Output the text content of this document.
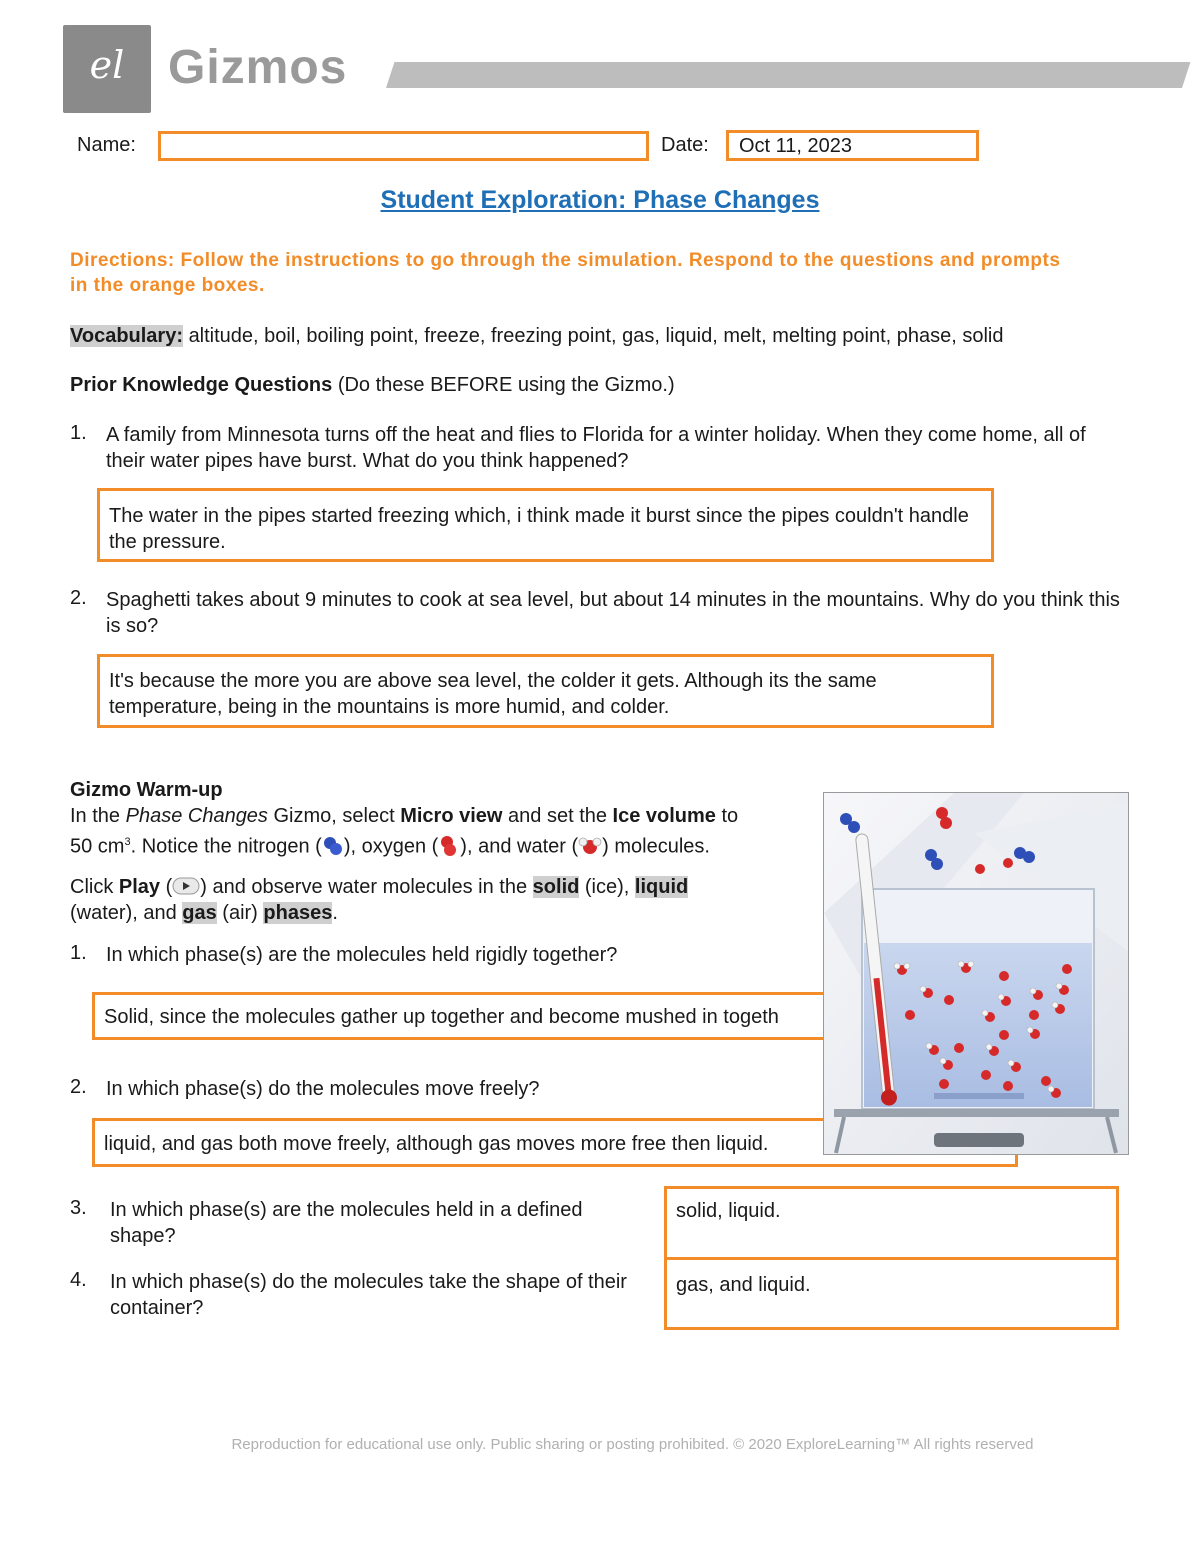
el Gizmos
Name:	Date: Oct 11, 2023
Student Exploration: Phase Changes
Directions: Follow the instructions to go through the simulation. Respond to the questions and prompts in the orange boxes.
Vocabulary: altitude, boil, boiling point, freeze, freezing point, gas, liquid, melt, melting point, phase, solid
Prior Knowledge Questions (Do these BEFORE using the Gizmo.)
1. A family from Minnesota turns off the heat and flies to Florida for a winter holiday. When they come home, all of their water pipes have burst. What do you think happened?
The water in the pipes started freezing which, i think made it burst since the pipes couldn't handle the pressure.
2. Spaghetti takes about 9 minutes to cook at sea level, but about 14 minutes in the mountains. Why do you think this is so?
It's because the more you are above sea level, the colder it gets. Although its the same temperature, being in the mountains is more humid, and colder.
Gizmo Warm-up
In the Phase Changes Gizmo, select Micro view and set the Ice volume to
50 $cm^3$. Notice the nitrogen ( ), oxygen ( ), and water ( ) molecules.
Click Play ( ) and observe water molecules in the solid (ice), liquid
(water), and gas (air) phases.
1. In which phase(s) are the molecules held rigidly together?
Solid, since the molecules gather up together and become mushed in togeth
2. In which phase(s) do the molecules move freely?
liquid, and gas both move freely, although gas moves more free then liquid.
3. In which phase(s) are the molecules held in a defined shape?
4. In which phase(s) do the molecules take the shape of their container?
solid, liquid.
gas, and liquid.
Reproduction for educational use only. Public sharing or posting prohibited. © 2020 ExploreLearning™ All rights reserved
